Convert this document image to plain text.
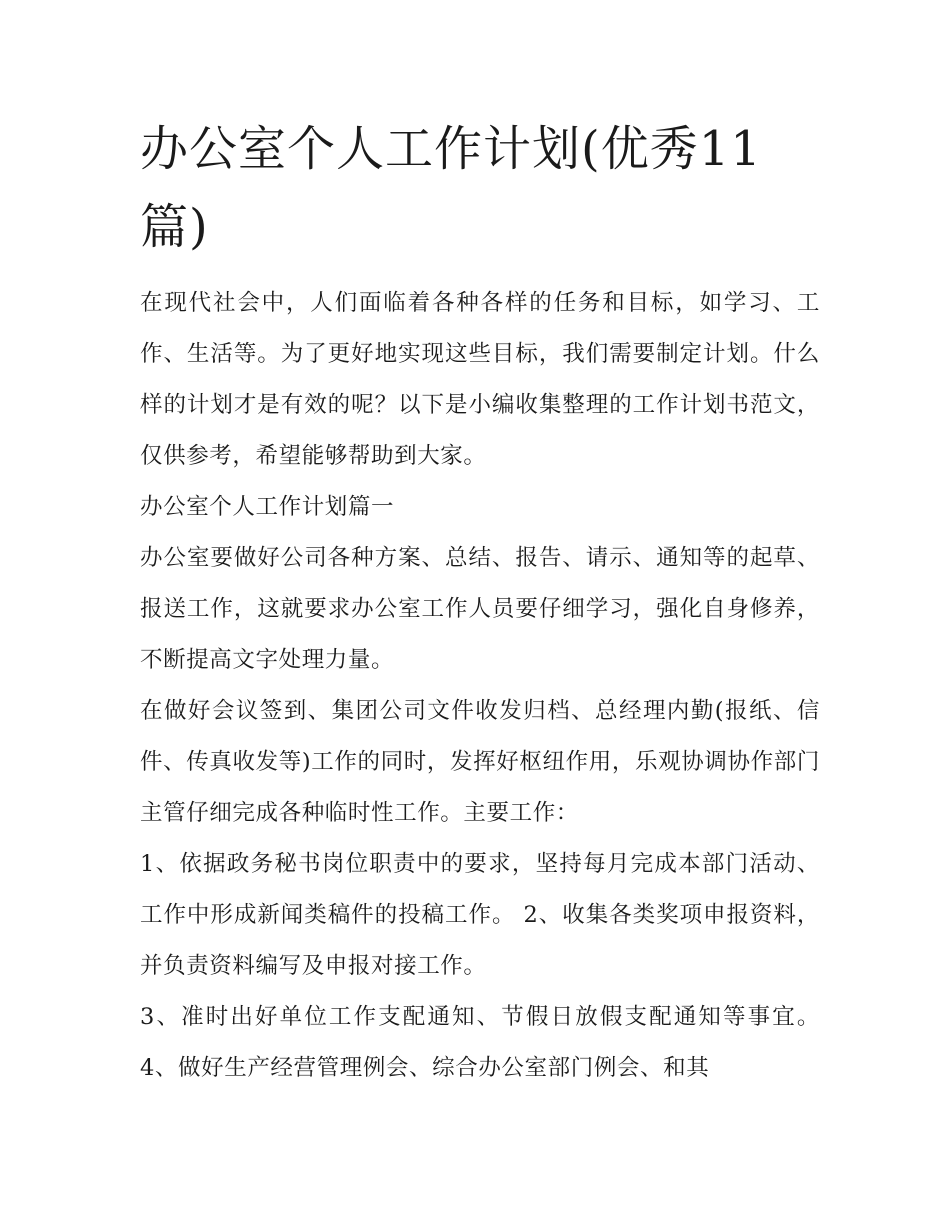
办公室个人工作计划(优秀11篇)

在现代社会中，人们面临着各种各样的任务和目标，如学习、工作、生活等。为了更好地实现这些目标，我们需要制定计划。什么样的计划才是有效的呢？以下是小编收集整理的工作计划书范文，仅供参考，希望能够帮助到大家。

办公室个人工作计划篇一

办公室要做好公司各种方案、总结、报告、请示、通知等的起草、报送工作，这就要求办公室工作人员要仔细学习，强化自身修养，不断提高文字处理力量。

在做好会议签到、集团公司文件收发归档、总经理内勤(报纸、信件、传真收发等)工作的同时，发挥好枢纽作用，乐观协调协作部门主管仔细完成各种临时性工作。主要工作：

1、依据政务秘书岗位职责中的要求，坚持每月完成本部门活动、工作中形成新闻类稿件的投稿工作。 2、收集各类奖项申报资料，并负责资料编写及申报对接工作。

3、准时出好单位工作支配通知、节假日放假支配通知等事宜。 4、做好生产经营管理例会、综合办公室部门例会、和其
